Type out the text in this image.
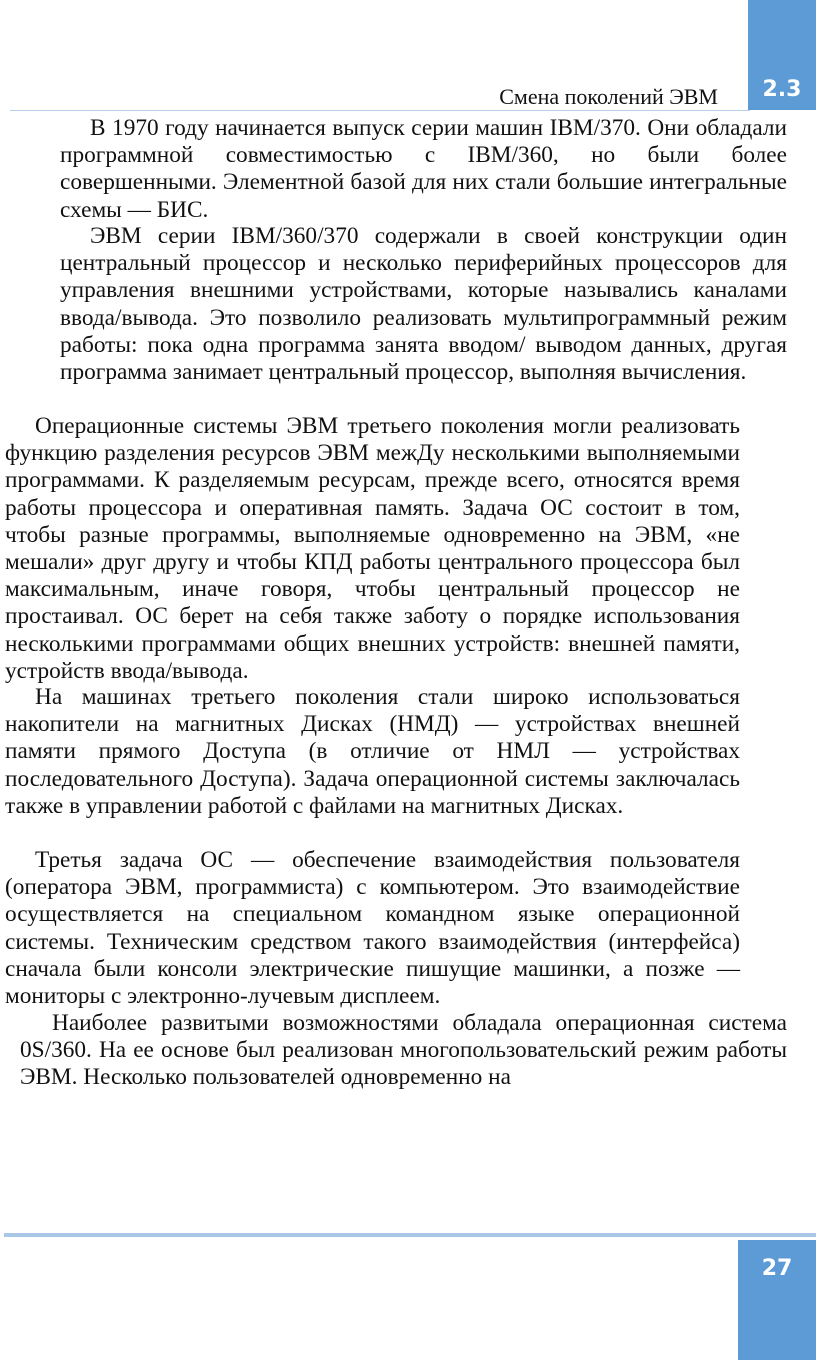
2.3
Смена поколений ЭВМ

В 1970 году начинается выпуск серии машин IBM/370. Они обладали программной совместимостью с IBM/360, но были более совершенными. Элементной базой для них стали большие интегральные схемы — БИС.

ЭВМ серии IBM/360/370 содержали в своей конструкции один центральный процессор и несколько периферийных процессоров для управления внешними устройствами, которые назывались каналами ввода/вывода. Это позволило реализовать мультипрограммный режим работы: пока одна программа занята вводом/ выводом данных, другая программа занимает центральный процессор, выполняя вычисления.

Операционные системы ЭВМ третьего поколения могли реализовать функцию разделения ресурсов ЭВМ межДу несколькими выполняемыми программами. К разделяемым ресурсам, прежде всего, относятся время работы процессора и оперативная память. Задача ОС состоит в том, чтобы разные программы, выполняемые одновременно на ЭВМ, «не мешали» друг другу и чтобы КПД работы центрального процессора был максимальным, иначе говоря, чтобы центральный процессор не простаивал. ОС берет на себя также заботу о порядке использования несколькими программами общих внешних устройств: внешней памяти, устройств ввода/вывода.

На машинах третьего поколения стали широко использоваться накопители на магнитных Дисках (НМД) — устройствах внешней памяти прямого Доступа (в отличие от НМЛ — устройствах последовательного Доступа). Задача операционной системы заключалась также в управлении работой с файлами на магнитных Дисках.

Третья задача ОС — обеспечение взаимодействия пользователя (оператора ЭВМ, программиста) с компьютером. Это взаимодействие осуществляется на специальном командном языке операционной системы. Техническим средством такого взаимодействия (интерфейса) сначала были консоли электрические пишущие машинки, а позже — мониторы с электронно-лучевым дисплеем.

Наиболее развитыми возможностями обладала операционная система 0S/360. На ее основе был реализован многопользовательский режим работы ЭВМ. Несколько пользователей одновременно на

27
